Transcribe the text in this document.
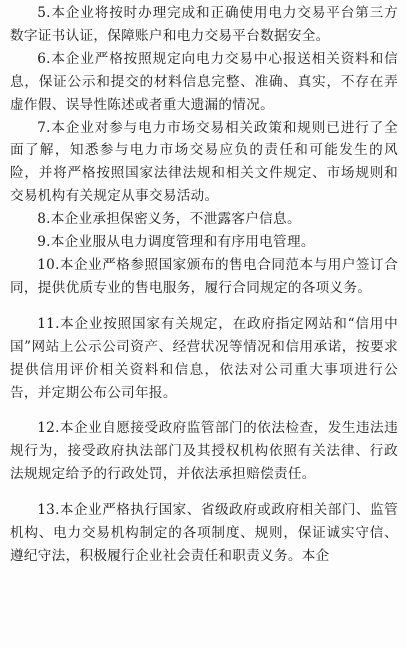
5.本企业将按时办理完成和正确使用电力交易平台第三方数字证书认证，保障账户和电力交易平台数据安全。

6.本企业严格按照规定向电力交易中心报送相关资料和信息，保证公示和提交的材料信息完整、准确、真实，不存在弄虚作假、误导性陈述或者重大遗漏的情况。

7.本企业对参与电力市场交易相关政策和规则已进行了全面了解，知悉参与电力市场交易应负的责任和可能发生的风险，并将严格按照国家法律法规和相关文件规定、市场规则和交易机构有关规定从事交易活动。

8.本企业承担保密义务，不泄露客户信息。

9.本企业服从电力调度管理和有序用电管理。

10.本企业严格参照国家颁布的售电合同范本与用户签订合同，提供优质专业的售电服务，履行合同规定的各项义务。

11.本企业按照国家有关规定，在政府指定网站和“信用中国”网站上公示公司资产、经营状况等情况和信用承诺，按要求提供信用评价相关资料和信息，依法对公司重大事项进行公告，并定期公布公司年报。

12.本企业自愿接受政府监管部门的依法检查，发生违法违规行为，接受政府执法部门及其授权机构依照有关法律、行政法规规定给予的行政处罚，并依法承担赔偿责任。

13.本企业严格执行国家、省级政府或政府相关部门、监管机构、电力交易机构制定的各项制度、规则，保证诚实守信、遵纪守法，积极履行企业社会责任和职责义务。本企
